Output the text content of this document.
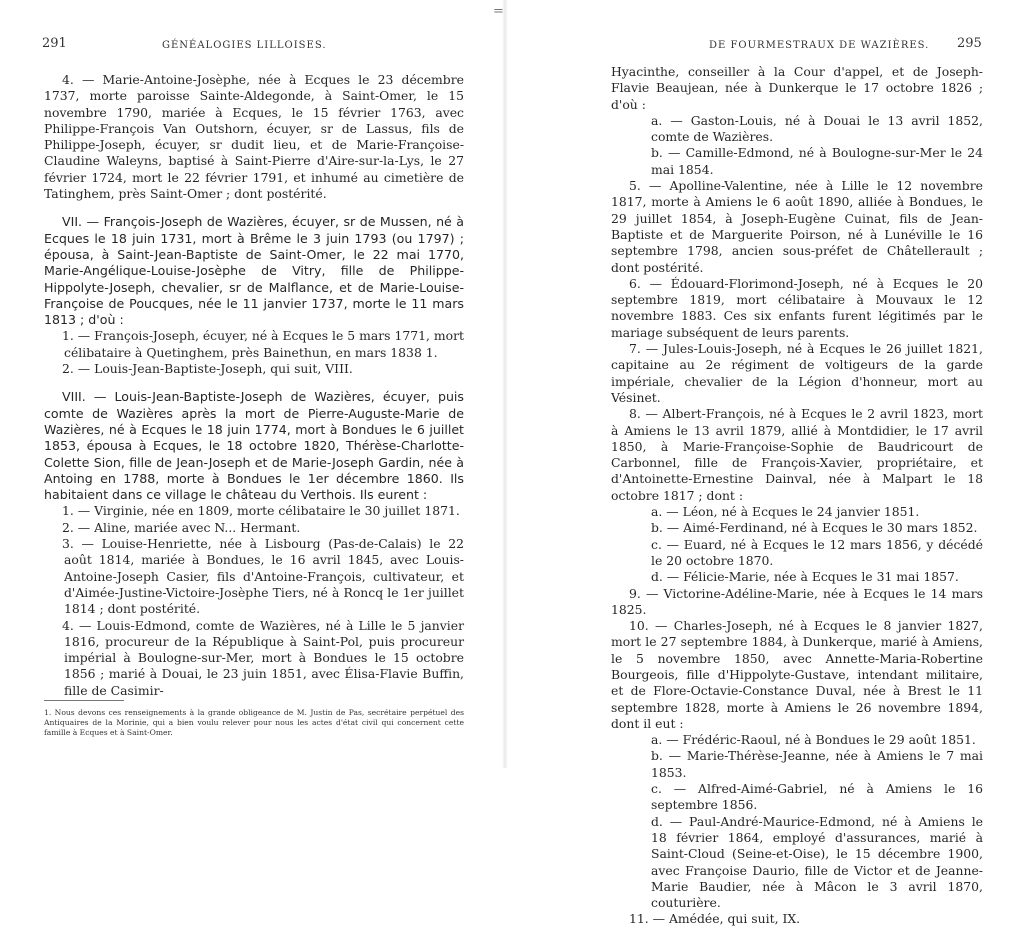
291	GÉNÉALOGIES LILLOISES.

4. — Marie-Antoine-Josèphe, née à Ecques le 23 décembre 1737, morte paroisse Sainte-Aldegonde, à Saint-Omer, le 15 novembre 1790, mariée à Ecques, le 15 février 1763, avec Philippe-François Van Outshorn, écuyer, sr de Lassus, fils de Philippe-Joseph, écuyer, sr dudit lieu, et de Marie-Françoise-Claudine Waleyns, baptisé à Saint-Pierre d'Aire-sur-la-Lys, le 27 février 1724, mort le 22 février 1791, et inhumé au cimetière de Tatinghem, près Saint-Omer ; dont postérité.

VII. — François-Joseph de Wazières, écuyer, sr de Mussen, né à Ecques le 18 juin 1731, mort à Brême le 3 juin 1793 (ou 1797) ; épousa, à Saint-Jean-Baptiste de Saint-Omer, le 22 mai 1770, Marie-Angélique-Louise-Josèphe de Vitry, fille de Philippe-Hippolyte-Joseph, chevalier, sr de Malflance, et de Marie-Louise-Françoise de Poucques, née le 11 janvier 1737, morte le 11 mars 1813 ; d'où :

1. — François-Joseph, écuyer, né à Ecques le 5 mars 1771, mort célibataire à Quetinghem, près Bainethun, en mars 1838 1.

2. — Louis-Jean-Baptiste-Joseph, qui suit, VIII.

VIII. — Louis-Jean-Baptiste-Joseph de Wazières, écuyer, puis comte de Wazières après la mort de Pierre-Auguste-Marie de Wazières, né à Ecques le 18 juin 1774, mort à Bondues le 6 juillet 1853, épousa à Ecques, le 18 octobre 1820, Thérèse-Charlotte-Colette Sion, fille de Jean-Joseph et de Marie-Joseph Gardin, née à Antoing en 1788, morte à Bondues le 1er décembre 1860. Ils habitaient dans ce village le château du Verthois. Ils eurent :

1. — Virginie, née en 1809, morte célibataire le 30 juillet 1871.

2. — Aline, mariée avec N... Hermant.

3. — Louise-Henriette, née à Lisbourg (Pas-de-Calais) le 22 août 1814, mariée à Bondues, le 16 avril 1845, avec Louis-Antoine-Joseph Casier, fils d'Antoine-François, cultivateur, et d'Aimée-Justine-Victoire-Josèphe Tiers, né à Roncq le 1er juillet 1814 ; dont postérité.

4. — Louis-Edmond, comte de Wazières, né à Lille le 5 janvier 1816, procureur de la République à Saint-Pol, puis procureur impérial à Boulogne-sur-Mer, mort à Bondues le 15 octobre 1856 ; marié à Douai, le 23 juin 1851, avec Élisa-Flavie Buffin, fille de Casimir-

1. Nous devons ces renseignements à la grande obligeance de M. Justin de Pas, secrétaire perpétuel des Antiquaires de la Morinie, qui a bien voulu relever pour nous les actes d'état civil qui concernent cette famille à Ecques et à Saint-Omer.
=
DE FOURMESTRAUX DE WAZIÈRES. 295

Hyacinthe, conseiller à la Cour d'appel, et de Joseph-Flavie Beaujean, née à Dunkerque le 17 octobre 1826 ; d'où :

a. — Gaston-Louis, né à Douai le 13 avril 1852, comte de Wazières.

b. — Camille-Edmond, né à Boulogne-sur-Mer le 24 mai 1854.

5. — Apolline-Valentine, née à Lille le 12 novembre 1817, morte à Amiens le 6 août 1890, alliée à Bondues, le 29 juillet 1854, à Joseph-Eugène Cuinat, fils de Jean-Baptiste et de Marguerite Poirson, né à Lunéville le 16 septembre 1798, ancien sous-préfet de Châtellerault ; dont postérité.

6. — Édouard-Florimond-Joseph, né à Ecques le 20 septembre 1819, mort célibataire à Mouvaux le 12 novembre 1883. Ces six enfants furent légitimés par le mariage subséquent de leurs parents.

7. — Jules-Louis-Joseph, né à Ecques le 26 juillet 1821, capitaine au 2e régiment de voltigeurs de la garde impériale, chevalier de la Légion d'honneur, mort au Vésinet.

8. — Albert-François, né à Ecques le 2 avril 1823, mort à Amiens le 13 avril 1879, allié à Montdidier, le 17 avril 1850, à Marie-Françoise-Sophie de Baudricourt de Carbonnel, fille de François-Xavier, propriétaire, et d'Antoinette-Ernestine Dainval, née à Malpart le 18 octobre 1817 ; dont :

a. — Léon, né à Ecques le 24 janvier 1851.

b. — Aimé-Ferdinand, né à Ecques le 30 mars 1852.

c. — Euard, né à Ecques le 12 mars 1856, y décédé le 20 octobre 1870.

d. — Félicie-Marie, née à Ecques le 31 mai 1857.

9. — Victorine-Adéline-Marie, née à Ecques le 14 mars 1825.

10. — Charles-Joseph, né à Ecques le 8 janvier 1827, mort le 27 septembre 1884, à Dunkerque, marié à Amiens, le 5 novembre 1850, avec Annette-Maria-Robertine Bourgeois, fille d'Hippolyte-Gustave, intendant militaire, et de Flore-Octavie-Constance Duval, née à Brest le 11 septembre 1828, morte à Amiens le 26 novembre 1894, dont il eut :

a. — Frédéric-Raoul, né à Bondues le 29 août 1851.

b. — Marie-Thérèse-Jeanne, née à Amiens le 7 mai 1853.

c. — Alfred-Aimé-Gabriel, né à Amiens le 16 septembre 1856.

d. — Paul-André-Maurice-Edmond, né à Amiens le 18 février 1864, employé d'assurances, marié à Saint-Cloud (Seine-et-Oise), le 15 décembre 1900, avec Françoise Daurio, fille de Victor et de Jeanne-Marie Baudier, née à Mâcon le 3 avril 1870, couturière.

11. — Amédée, qui suit, IX.
